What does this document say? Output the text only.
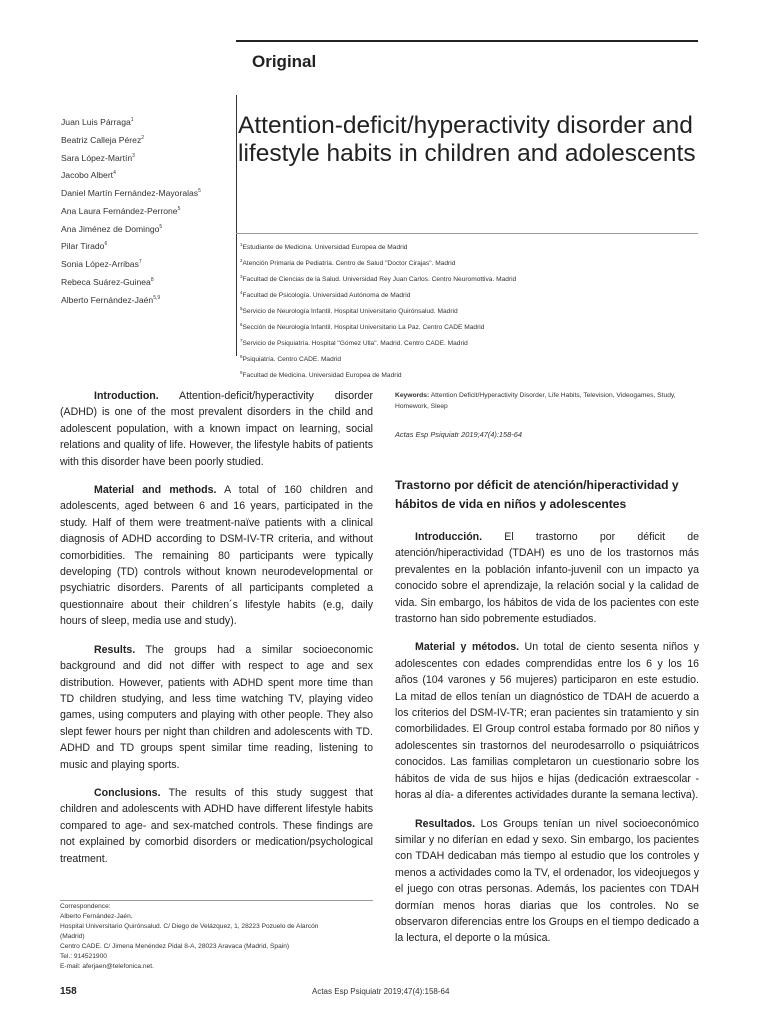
Original
Juan Luis Párraga$^1$
Beatriz Calleja Pérez$^2$
Sara López-Martín$^3$
Jacobo Albert$^4$
Daniel Martín Fernández-Mayoralas$^5$
Ana Laura Fernández-Perrone$^5$
Ana Jiménez de Domingo$^5$
Pilar Tirado$^6$
Sonia López-Arribas$^7$
Rebeca Suárez-Guinea$^8$
Alberto Fernández-Jaén$^{5,9}$
Attention-deficit/hyperactivity disorder and lifestyle habits in children and adolescents
$^1$Estudiante de Medicina. Universidad Europea de Madrid
$^2$Atención Primaria de Pediatría. Centro de Salud "Doctor Cirajas". Madrid
$^3$Facultad de Ciencias de la Salud. Universidad Rey Juan Carlos. Centro Neuromottiva. Madrid
$^4$Facultad de Psicología. Universidad Autónoma de Madrid
$^5$Servicio de Neurología Infantil. Hospital Universitario Quirónsalud. Madrid
$^6$Sección de Neurología Infantil. Hospital Universitario La Paz. Centro CADE Madrid
$^7$Servicio de Psiquiatría. Hospital "Gómez Ulla". Madrid. Centro CADE. Madrid
$^8$Psiquiatría. Centro CADE. Madrid
$^9$Facultad de Medicina. Universidad Europea de Madrid

Introduction. Attention-deficit/hyperactivity disorder (ADHD) is one of the most prevalent disorders in the child and adolescent population, with a known impact on learning, social relations and quality of life. However, the lifestyle habits of patients with this disorder have been poorly studied.

Material and methods. A total of 160 children and adolescents, aged between 6 and 16 years, participated in the study. Half of them were treatment-naïve patients with a clinical diagnosis of ADHD according to DSM-IV-TR criteria, and without comorbidities. The remaining 80 participants were typically developing (TD) controls without known neurodevelopmental or psychiatric disorders. Parents of all participants completed a questionnaire about their children´s lifestyle habits (e.g, daily hours of sleep, media use and study).

Results. The groups had a similar socioeconomic background and did not differ with respect to age and sex distribution. However, patients with ADHD spent more time than TD children studying, and less time watching TV, playing video games, using computers and playing with other people. They also slept fewer hours per night than children and adolescents with TD. ADHD and TD groups spent similar time reading, listening to music and playing sports.

Conclusions. The results of this study suggest that children and adolescents with ADHD have different lifestyle habits compared to age- and sex-matched controls. These findings are not explained by comorbid disorders or medication/psychological treatment.

Correspondence:
Alberto Fernández-Jaén.
Hospital Universitario Quirónsalud. C/ Diego de Velázquez, 1, 28223 Pozuelo de Alarcón
(Madrid)
Centro CADE. C/ Jimena Menéndez Pidal 8-A, 28023 Aravaca (Madrid, Spain)
Tel.: 914521900
E-mail: aferjaen@telefonica.net.
Keywords: Attention Deficit/Hyperactivity Disorder, Life Habits, Television, Videogames, Study, Homework, Sleep
Actas Esp Psiquiatr 2019;47(4):158-64
Trastorno por déficit de atención/hiperactividad y hábitos de vida en niños y adolescentes

Introducción. El trastorno por déficit de atención/hiperactividad (TDAH) es uno de los trastornos más prevalentes en la población infanto-juvenil con un impacto ya conocido sobre el aprendizaje, la relación social y la calidad de vida. Sin embargo, los hábitos de vida de los pacientes con este trastorno han sido pobremente estudiados.

Material y métodos. Un total de ciento sesenta niños y adolescentes con edades comprendidas entre los 6 y los 16 años (104 varones y 56 mujeres) participaron en este estudio. La mitad de ellos tenían un diagnóstico de TDAH de acuerdo a los criterios del DSM-IV-TR; eran pacientes sin tratamiento y sin comorbilidades. El Group control estaba formado por 80 niños y adolescentes sin trastornos del neurodesarrollo o psiquiátricos conocidos. Las familias completaron un cuestionario sobre los hábitos de vida de sus hijos e hijas (dedicación extraescolar -horas al día- a diferentes actividades durante la semana lectiva).

Resultados. Los Groups tenían un nivel socioeconómico similar y no diferían en edad y sexo. Sin embargo, los pacientes con TDAH dedicaban más tiempo al estudio que los controles y menos a actividades como la TV, el ordenador, los videojuegos y el juego con otras personas. Además, los pacientes con TDAH dormían menos horas diarias que los controles. No se observaron diferencias entre los Groups en el tiempo dedicado a la lectura, el deporte o la música.

158	Actas Esp Psiquiatr 2019;47(4):158-64
